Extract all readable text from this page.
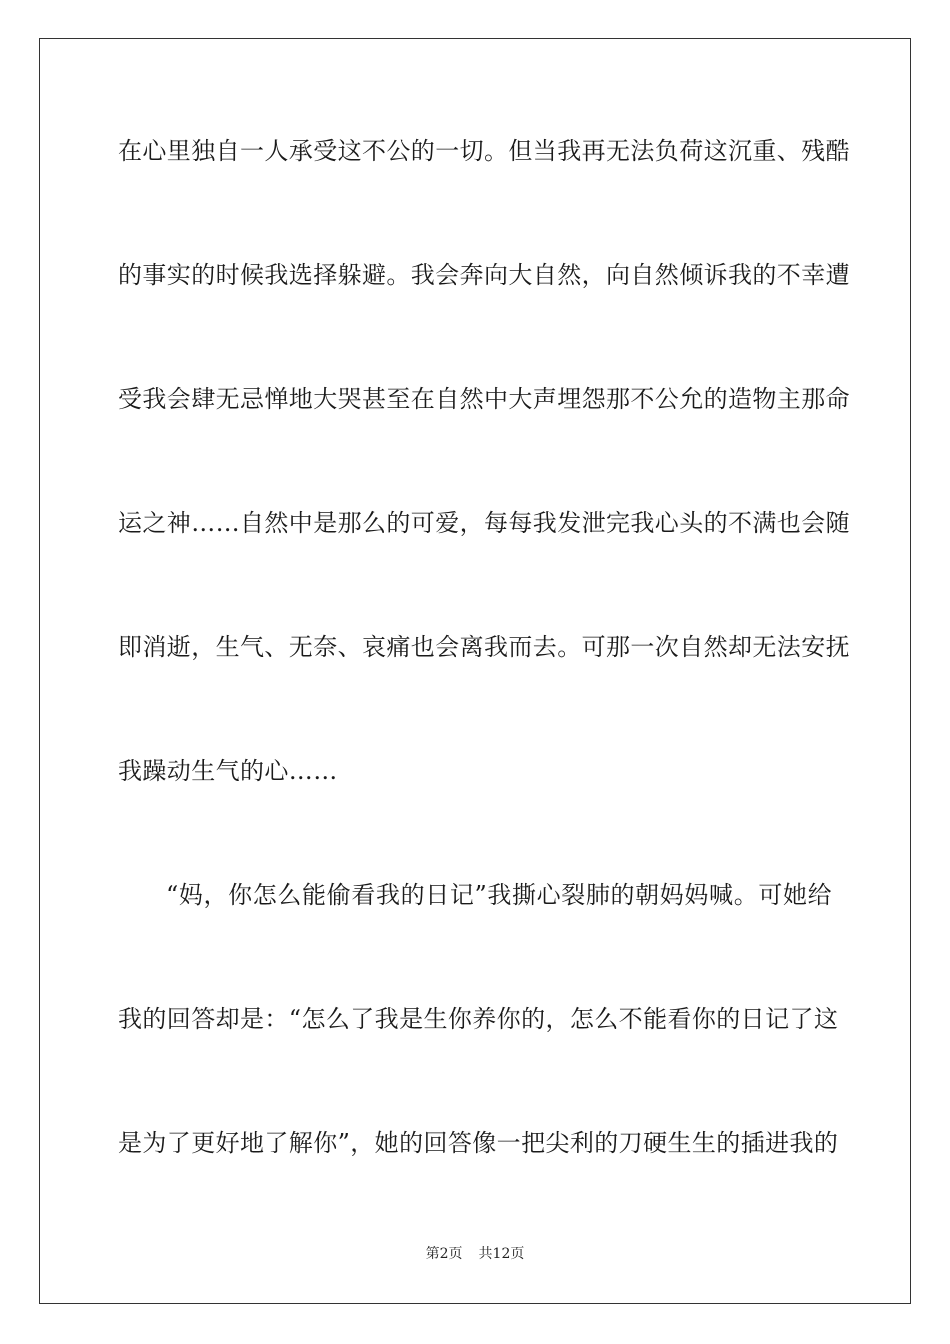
在心里独自一人承受这不公的一切。但当我再无法负荷这沉重、残酷
的事实的时候我选择躲避。我会奔向大自然，向自然倾诉我的不幸遭
受我会肆无忌惮地大哭甚至在自然中大声埋怨那不公允的造物主那命
运之神……自然中是那么的可爱，每每我发泄完我心头的不满也会随
即消逝，生气、无奈、哀痛也会离我而去。可那一次自然却无法安抚
我躁动生气的心……
“妈，你怎么能偷看我的日记”我撕心裂肺的朝妈妈喊。可她给
我的回答却是：“怎么了我是生你养你的，怎么不能看你的日记了这
是为了更好地了解你”，她的回答像一把尖利的刀硬生生的插进我的
第2页 共12页
